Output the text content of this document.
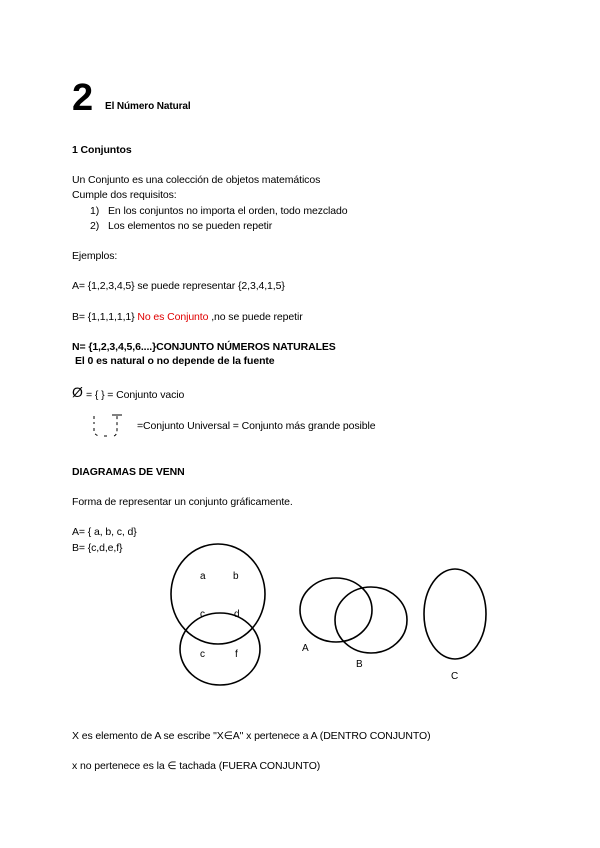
2 El Número Natural
1 Conjuntos
Un Conjunto es una colección de objetos matemáticos
Cumple dos requisitos:
1) En los conjuntos no importa el orden, todo mezclado
2) Los elementos no se pueden repetir
Ejemplos:
A= {1,2,3,4,5} se puede representar {2,3,4,1,5}
B= {1,1,1,1,1} No es Conjunto ,no se puede repetir
N= {1,2,3,4,5,6....}CONJUNTO NÚMEROS NATURALES
El 0 es natural o no depende de la fuente
Ø = { } = Conjunto vacio
=Conjunto Universal = Conjunto más grande posible
DIAGRAMAS DE VENN
Forma de representar un conjunto gráficamente.
A= { a, b, c, d}
B= {c,d,e,f}
a	b
c	d
c	f
A
B
C
X es elemento de A se escribe "X∈A" x pertenece a A (DENTRO CONJUNTO)
x no pertenece es la ∈ tachada (FUERA CONJUNTO)
